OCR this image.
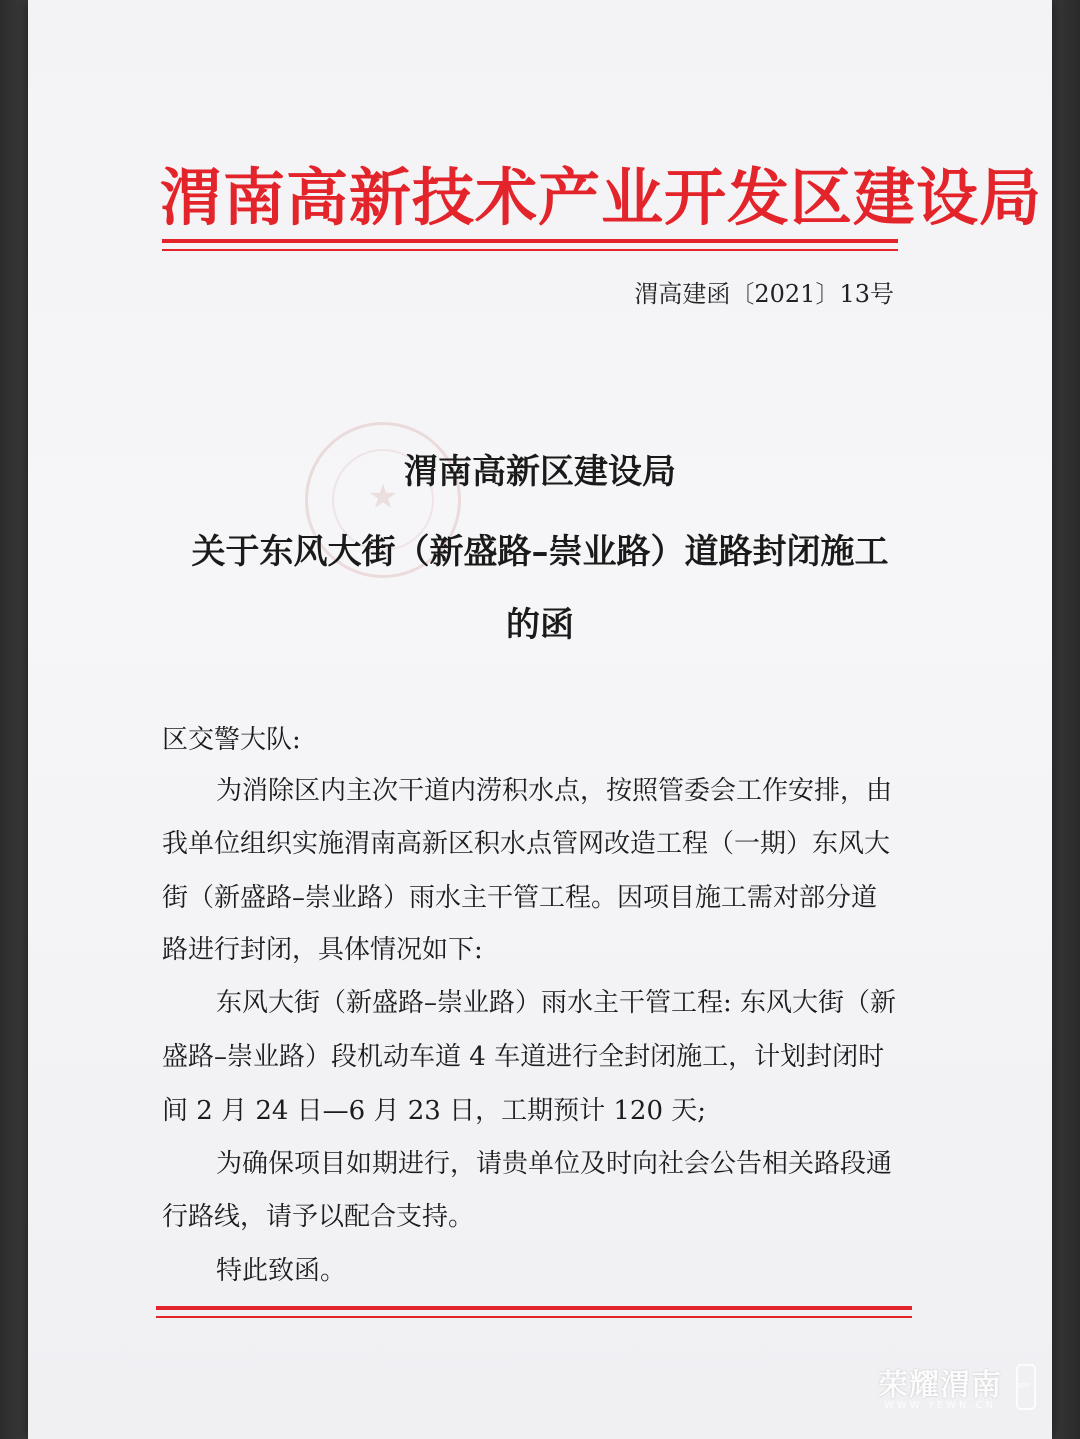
渭南高新技术产业开发区建设局
渭高建函〔2021〕13号
★
渭南高新区建设局
关于东风大街（新盛路–崇业路）道路封闭施工
的函
区交警大队:
为消除区内主次干道内涝积水点，按照管委会工作安排，由
我单位组织实施渭南高新区积水点管网改造工程（一期）东风大
街（新盛路–崇业路）雨水主干管工程。因项目施工需对部分道
路进行封闭，具体情况如下:
东风大街（新盛路–崇业路）雨水主干管工程: 东风大街（新
盛路–崇业路）段机动车道 4 车道进行全封闭施工，计划封闭时
间 2 月 24 日—6 月 23 日，工期预计 120 天;
为确保项目如期进行，请贵单位及时向社会公告相关路段通
行路线，请予以配合支持。
特此致函。
荣耀渭南
WWW.YEWN.CN
APP
